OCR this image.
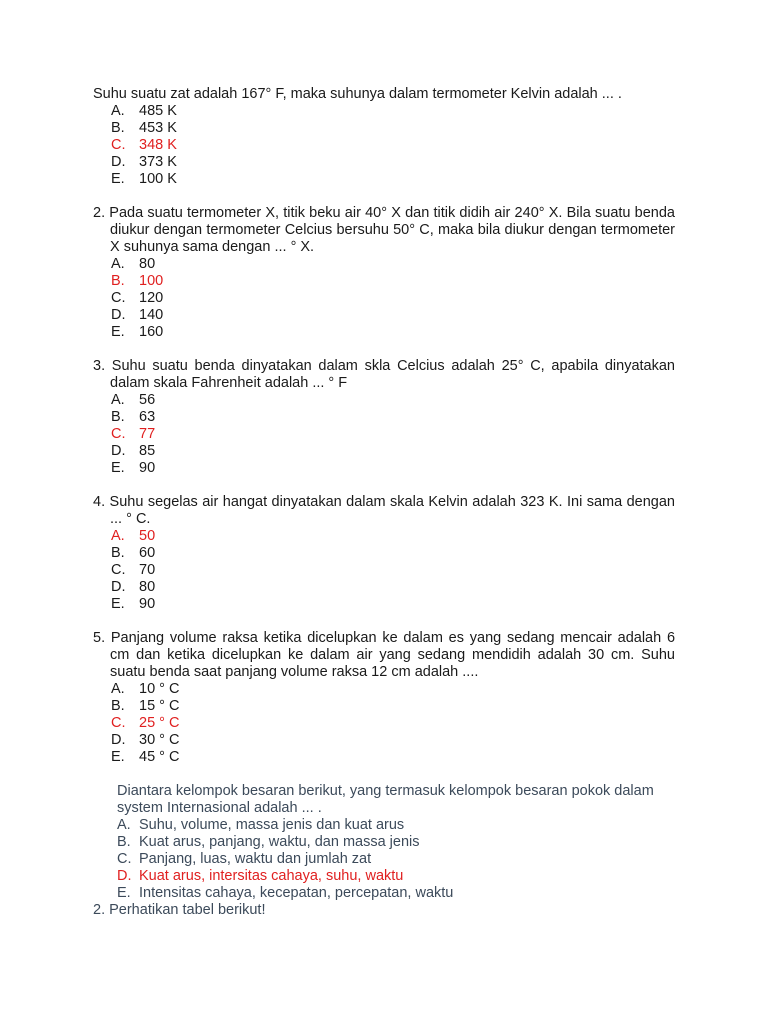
Suhu suatu zat adalah 167° F, maka suhunya dalam termometer Kelvin adalah ... .
A. 485 K
B. 453 K
C. 348 K
D. 373 K
E. 100 K
2. Pada suatu termometer X, titik beku air 40° X dan titik didih air 240° X. Bila suatu benda diukur dengan termometer Celcius bersuhu 50° C, maka bila diukur dengan termometer X suhunya sama dengan ... ° X.
A. 80
B. 100
C. 120
D. 140
E. 160
3. Suhu suatu benda dinyatakan dalam skla Celcius adalah 25° C, apabila dinyatakan dalam skala Fahrenheit adalah ... ° F
A. 56
B. 63
C. 77
D. 85
E. 90
4. Suhu segelas air hangat dinyatakan dalam skala Kelvin adalah 323 K. Ini sama dengan ... ° C.
A. 50
B. 60
C. 70
D. 80
E. 90
5. Panjang volume raksa ketika dicelupkan ke dalam es yang sedang mencair adalah 6 cm dan ketika dicelupkan ke dalam air yang sedang mendidih adalah 30 cm. Suhu suatu benda saat panjang volume raksa 12 cm adalah ....
A. 10 ° C
B. 15 ° C
C. 25 ° C
D. 30 ° C
E. 45 ° C
Diantara kelompok besaran berikut, yang termasuk kelompok besaran pokok dalam system Internasional adalah ... .
A. Suhu, volume, massa jenis dan kuat arus
B. Kuat arus, panjang, waktu, dan massa jenis
C. Panjang, luas, waktu dan jumlah zat
D. Kuat arus, intersitas cahaya, suhu, waktu
E. Intensitas cahaya, kecepatan, percepatan, waktu
2. Perhatikan tabel berikut!
